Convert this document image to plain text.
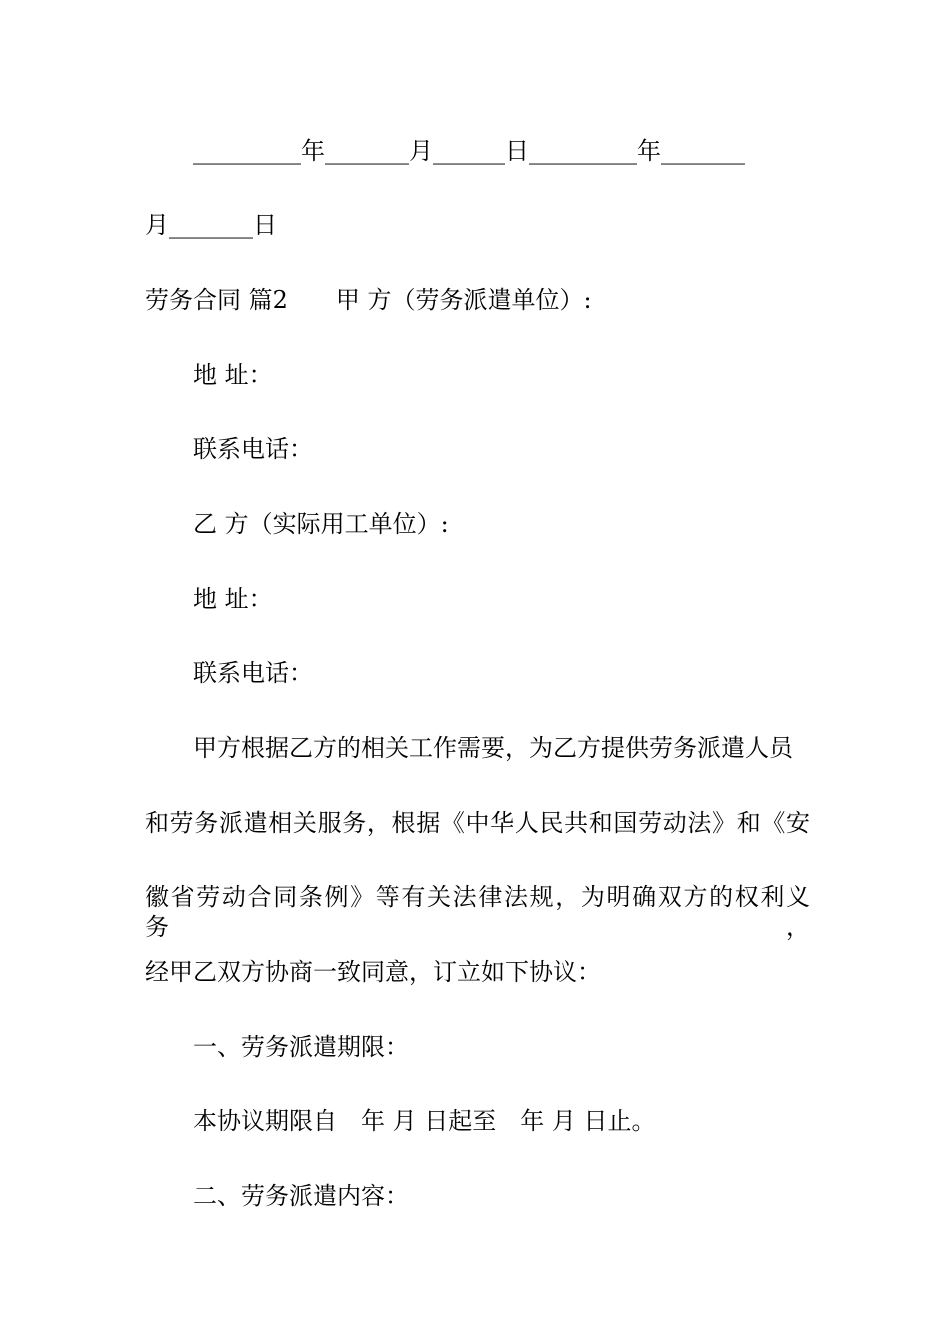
_________年_______月______日_________年_______
月_______日
劳务合同 篇2　　甲 方（劳务派遣单位）:
地 址：
联系电话：
乙 方（实际用工单位）:
地 址：
联系电话：
甲方根据乙方的相关工作需要，为乙方提供劳务派遣人员
和劳务派遣相关服务，根据《中华人民共和国劳动法》和《安
徽省劳动合同条例》等有关法律法规，为明确双方的权利义务，
经甲乙双方协商一致同意，订立如下协议：
一、劳务派遣期限：
本协议期限自　年 月 日起至　年 月 日止。
二、劳务派遣内容：
